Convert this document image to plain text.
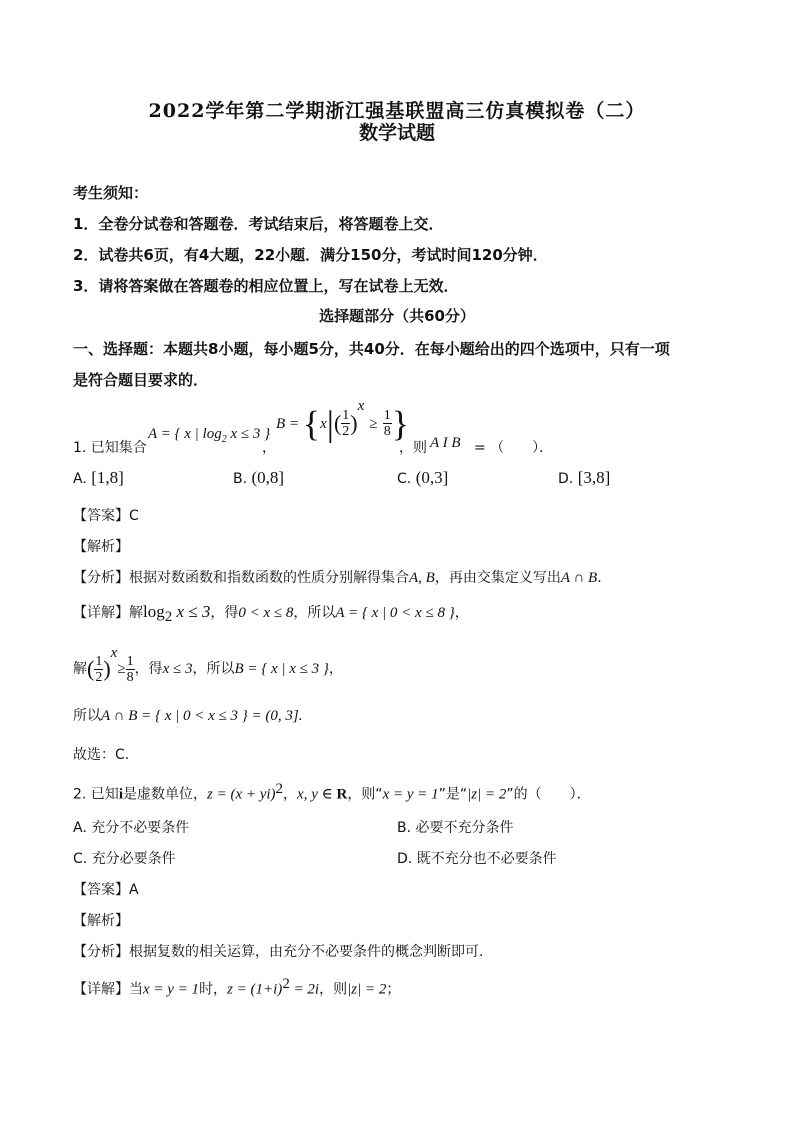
2022学年第二学期浙江强基联盟高三仿真模拟卷（二）
数学试题
考生须知：
1．全卷分试卷和答题卷．考试结束后，将答题卷上交．
2．试卷共6页，有4大题，22小题．满分150分，考试时间120分钟．
3．请将答案做在答题卷的相应位置上，写在试卷上无效．
选择题部分（共60分）
一、选择题：本题共8小题，每小题5分，共40分．在每小题给出的四个选项中，只有一项
是符合题目要求的．
1. 已知集合
A = { x | $\log_2 x \le 3$ }
，
$B = \{x|( \frac{1}{2} )^x \ge \frac{1}{8}$ }
，则 A I B = （　　）．
A. [1,8]	B. (0,8]	C. (0,3]	D. [3,8]
【答案】C
【解析】
【分析】根据对数函数和指数函数的性质分别解得集合A, B，再由交集定义写出A ∩ B.
【详解】解$\log_2 x \le 3$，得0 < x ≤ 8，所以A = { x | 0 < x ≤ 8 }，
解( $\frac{1}{2} )^x\ge \frac{1}{8}$ ，得x ≤ 3，所以B = { x | x ≤ 3 }，
所以A ∩ B = { x | 0 < x ≤ 3 } = (0, 3].
故选：C.
2. 已知i是虚数单位，z = (x + yi)$^2$，x, y ∈ R，则“x = y = 1”是“|z| = 2”的（　　）．
A. 充分不必要条件	B. 必要不充分条件
C. 充分必要条件	D. 既不充分也不必要条件
【答案】A
【解析】
【分析】根据复数的相关运算，由充分不必要条件的概念判断即可.
【详解】当x = y = 1时，$z = (1+i)^2 = 2i$，则|z| = 2；
